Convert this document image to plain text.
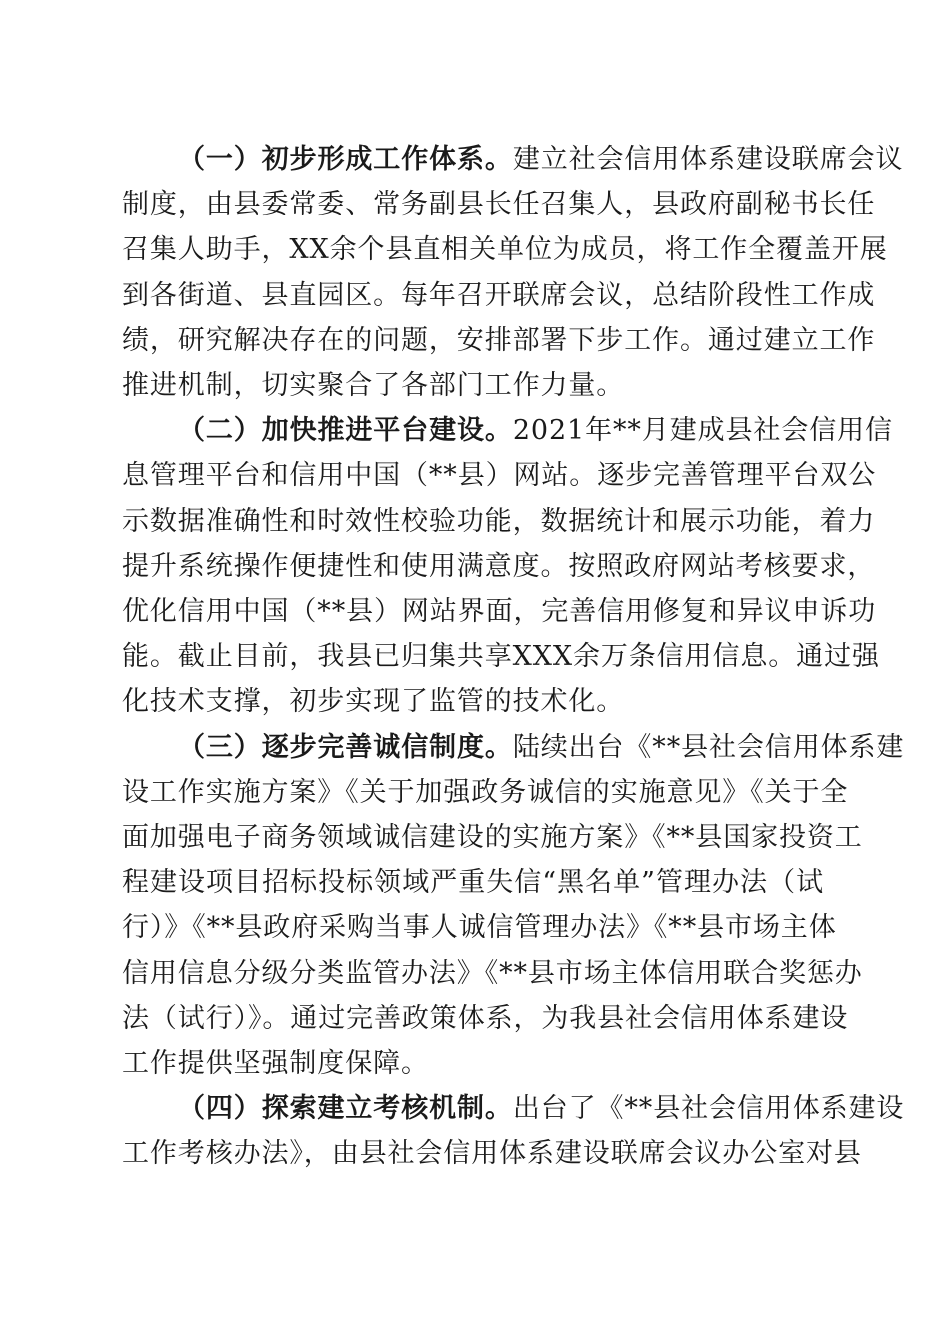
（一）初步形成工作体系。建立社会信用体系建设联席会议
制度，由县委常委、常务副县长任召集人，县政府副秘书长任
召集人助手，XX余个县直相关单位为成员，将工作全覆盖开展
到各街道、县直园区。每年召开联席会议，总结阶段性工作成
绩，研究解决存在的问题，安排部署下步工作。通过建立工作
推进机制，切实聚合了各部门工作力量。
（二）加快推进平台建设。2021年**月建成县社会信用信
息管理平台和信用中国（**县）网站。逐步完善管理平台双公
示数据准确性和时效性校验功能，数据统计和展示功能，着力
提升系统操作便捷性和使用满意度。按照政府网站考核要求，
优化信用中国（**县）网站界面，完善信用修复和异议申诉功
能。截止目前，我县已归集共享XXX余万条信用信息。通过强
化技术支撑，初步实现了监管的技术化。
（三）逐步完善诚信制度。陆续出台《**县社会信用体系建
设工作实施方案》《关于加强政务诚信的实施意见》《关于全
面加强电子商务领域诚信建设的实施方案》《**县国家投资工
程建设项目招标投标领域严重失信“黑名单”管理办法（试
行）》《**县政府采购当事人诚信管理办法》《**县市场主体
信用信息分级分类监管办法》《**县市场主体信用联合奖惩办
法（试行）》。通过完善政策体系，为我县社会信用体系建设
工作提供坚强制度保障。
（四）探索建立考核机制。出台了《**县社会信用体系建设
工作考核办法》，由县社会信用体系建设联席会议办公室对县
